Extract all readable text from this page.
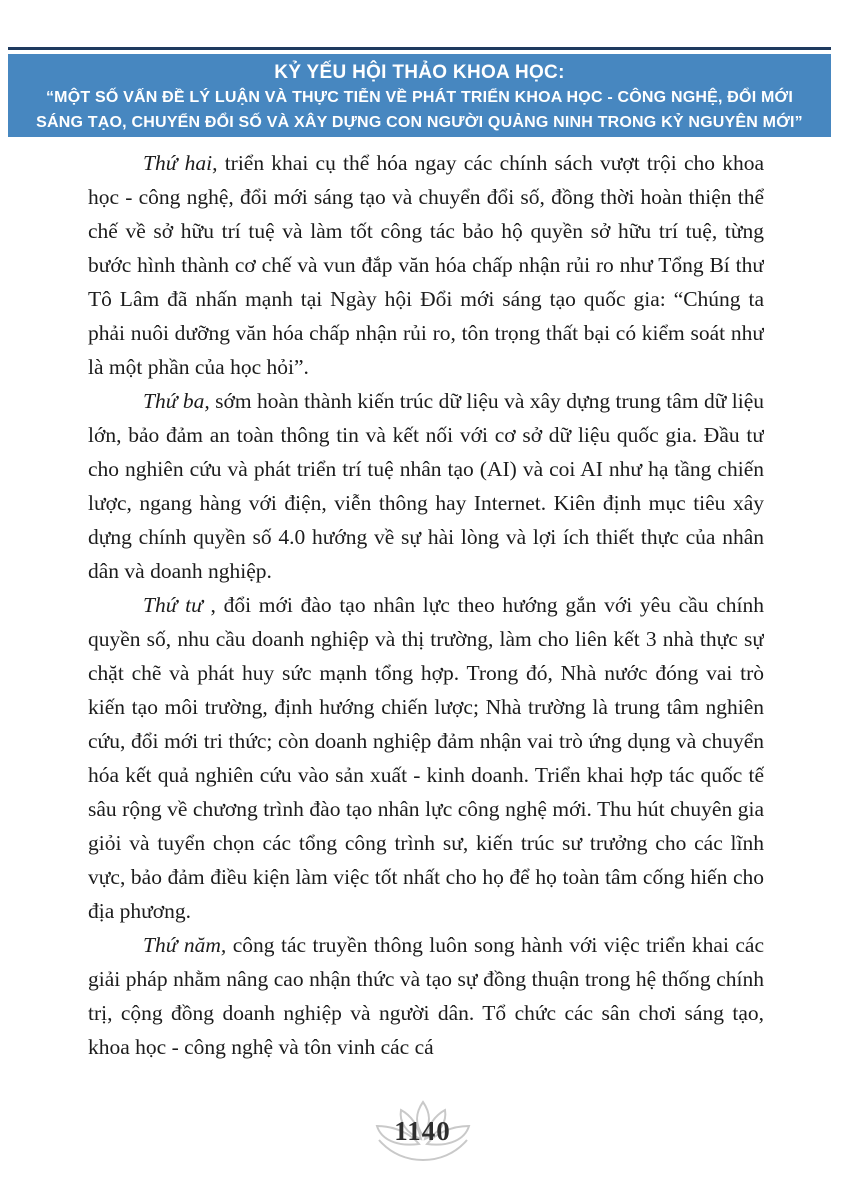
KỶ YẾU HỘI THẢO KHOA HỌC:
“MỘT SỐ VẤN ĐỀ LÝ LUẬN VÀ THỰC TIỄN VỀ PHÁT TRIỂN KHOA HỌC - CÔNG NGHỆ, ĐỔI MỚI
SÁNG TẠO, CHUYỂN ĐỔI SỐ VÀ XÂY DỰNG CON NGƯỜI QUẢNG NINH TRONG KỶ NGUYÊN MỚI”

Thứ hai, triển khai cụ thể hóa ngay các chính sách vượt trội cho khoa học - công nghệ, đổi mới sáng tạo và chuyển đổi số, đồng thời hoàn thiện thể chế về sở hữu trí tuệ và làm tốt công tác bảo hộ quyền sở hữu trí tuệ, từng bước hình thành cơ chế và vun đắp văn hóa chấp nhận rủi ro như Tổng Bí thư Tô Lâm đã nhấn mạnh tại Ngày hội Đổi mới sáng tạo quốc gia: “Chúng ta phải nuôi dưỡng văn hóa chấp nhận rủi ro, tôn trọng thất bại có kiểm soát như là một phần của học hỏi”.

Thứ ba, sớm hoàn thành kiến trúc dữ liệu và xây dựng trung tâm dữ liệu lớn, bảo đảm an toàn thông tin và kết nối với cơ sở dữ liệu quốc gia. Đầu tư cho nghiên cứu và phát triển trí tuệ nhân tạo (AI) và coi AI như hạ tầng chiến lược, ngang hàng với điện, viễn thông hay Internet. Kiên định mục tiêu xây dựng chính quyền số 4.0 hướng về sự hài lòng và lợi ích thiết thực của nhân dân và doanh nghiệp.

Thứ tư , đổi mới đào tạo nhân lực theo hướng gắn với yêu cầu chính quyền số, nhu cầu doanh nghiệp và thị trường, làm cho liên kết 3 nhà thực sự chặt chẽ và phát huy sức mạnh tổng hợp. Trong đó, Nhà nước đóng vai trò kiến tạo môi trường, định hướng chiến lược; Nhà trường là trung tâm nghiên cứu, đổi mới tri thức; còn doanh nghiệp đảm nhận vai trò ứng dụng và chuyển hóa kết quả nghiên cứu vào sản xuất - kinh doanh. Triển khai hợp tác quốc tế sâu rộng về chương trình đào tạo nhân lực công nghệ mới. Thu hút chuyên gia giỏi và tuyển chọn các tổng công trình sư, kiến trúc sư trưởng cho các lĩnh vực, bảo đảm điều kiện làm việc tốt nhất cho họ để họ toàn tâm cống hiến cho địa phương.

Thứ năm, công tác truyền thông luôn song hành với việc triển khai các giải pháp nhằm nâng cao nhận thức và tạo sự đồng thuận trong hệ thống chính trị, cộng đồng doanh nghiệp và người dân. Tổ chức các sân chơi sáng tạo, khoa học - công nghệ và tôn vinh các cá

1140
